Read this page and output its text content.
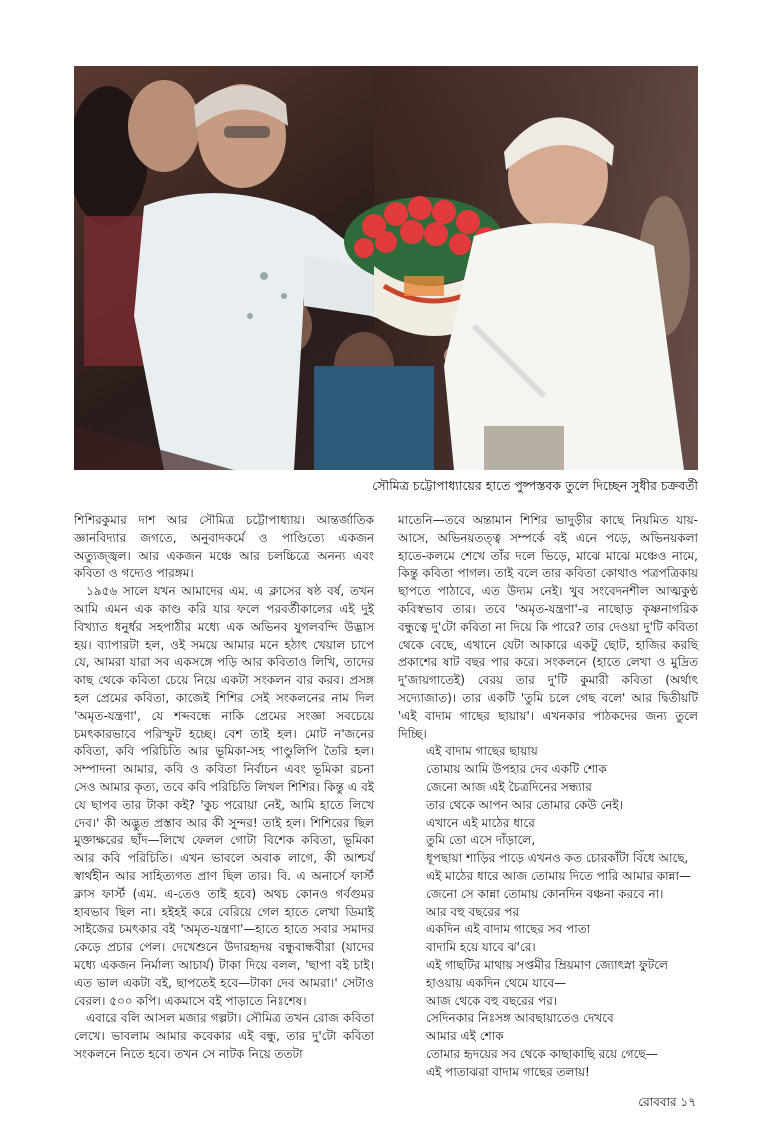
সৌমিত্র চট্টোপাধ্যায়ের হাতে পুষ্পস্তবক তুলে দিচ্ছেন সুধীর চক্রবর্তী

শিশিরকুমার দাশ আর সৌমিত্র চট্টোপাধ্যায়। আন্তর্জাতিক জ্ঞানবিদ্যার জগতে, অনুবাদকর্মে ও পাণ্ডিত্যে একজন অত্যুজ্জ্বল। আর একজন মঞ্চে আর চলচ্চিত্রে অনন্য এবং কবিতা ও গদ্যেও পারঙ্গম।

১৯৫৬ সালে যখন আমাদের এম. এ ক্লাসের ষষ্ঠ বর্ষ, তখন আমি এমন এক কাণ্ড করি যার ফলে পরবর্তীকালের এই দুই বিখ্যাত ধনুর্ধর সহপাঠীর মধ্যে এক অভিনব যুগলবন্দি উদ্ভাস হয়। ব্যাপারটা হল, ওই সময়ে আমার মনে হঠাৎ খেয়াল চাপে যে, আমরা যারা সব একসঙ্গে পড়ি আর কবিতাও লিখি, তাদের কাছ থেকে কবিতা চেয়ে নিয়ে একটা সংকলন বার করব। প্রসঙ্গ হল প্রেমের কবিতা, কাজেই শিশির সেই সংকলনের নাম দিল 'অমৃত-যন্ত্রণা', যে শব্দবন্ধে নাকি প্রেমের সংজ্ঞা সবচেয়ে চমৎকারভাবে পরিস্ফুট হচ্ছে। বেশ তাই হল। মোট ন'জনের কবিতা, কবি পরিচিতি আর ভূমিকা-সহ পাণ্ডুলিপি তৈরি হল। সম্পাদনা আমার, কবি ও কবিতা নির্বাচন এবং ভূমিকা রচনা সেও আমার কৃত্য, তবে কবি পরিচিতি লিখল শিশির। কিন্তু এ বই যে ছাপব তার টাকা কই? 'কুচ পরোয়া নেই, আমি হাতে লিখে দেব।' কী অদ্ভুত প্রস্তাব আর কী সুন্দর! তাই হল। শিশিরের ছিল মুক্তাক্ষরের ছাঁদ—লিখে ফেলল গোটা বিশেক কবিতা, ভূমিকা আর কবি পরিচিতি। এখন ভাবলে অবাক লাগে, কী আশ্চর্য স্বার্থহীন আর সাহিত্যগত প্রাণ ছিল তার। বি. এ অনার্সে ফার্স্ট ক্লাস ফার্স্ট (এম. এ-তেও তাই হবে) অথচ কোনও গর্বগুমর হাবভাব ছিল না। হইহই করে বেরিয়ে গেল হাতে লেখা ডিমাই সাইজের চমৎকার বই 'অমৃত-যন্ত্রণা'—হাতে হাতে সবার সমাদর কেড়ে প্রচার পেল। দেখেশুনে উদারহৃদয় বন্ধুবান্ধবীরা (যাদের মধ্যে একজন নির্মাল্য আচার্য) টাকা দিয়ে বলল, 'ছাপা বই চাই। এত ভাল একটা বই, ছাপতেই হবে—টাকা দেব আমরা।' সেটাও বেরল। ৫০০ কপি। একমাসে বই পাড়াতে নিঃশেষ।

এবারে বলি আসল মজার গল্পটা। সৌমিত্র তখন রোজ কবিতা লেখে। ভাবলাম আমার কবেকার এই বন্ধু, তার দু'টো কবিতা সংকলনে নিতে হবে। তখন সে নাটক নিয়ে ততটা

মাতেনি—তবে অন্তামান শিশির ভাদুড়ীর কাছে নিয়মিত যায়-আসে, অভিনয়তত্ত্ব সম্পর্কে বই এনে পড়ে, অভিনয়কলা হাতে-কলমে শেখে তাঁর দলে ভিড়ে, মাঝে মাঝে মঞ্চেও নামে, কিন্তু কবিতা পাগল। তাই বলে তার কবিতা কোথাও পত্রপত্রিকায় ছাপতে পাঠাবে, এত উদ্যম নেই। খুব সংবেদনশীল আত্মকুণ্ঠ কবিস্বভাব তার। তবে 'অমৃত-যন্ত্রণা'-র নাছোড় কৃষ্ণনাগরিক বন্ধুত্বে দু'টো কবিতা না দিয়ে কি পারে? তার দেওয়া দু'টি কবিতা থেকে বেছে, এখানে যেটা আকারে একটু ছোট, হাজির করছি প্রকাশের ষাট বছর পার করে। সংকলনে (হাতে লেখা ও মুদ্রিত দু'জায়গাতেই) বেরয় তার দু'টি কুমারী কবিতা (অর্থাৎ সদ্যোজাত)। তার একটি 'তুমি চলে গেছ বলে' আর দ্বিতীয়টি 'এই বাদাম গাছের ছায়ায়'। এখনকার পাঠকদের জন্য তুলে দিচ্ছি।

এই বাদাম গাছের ছায়ায়
তোমায় আমি উপহার দেব একটি শোক
জেনো আজ এই চৈত্রদিনের সন্ধ্যার
তার থেকে আপন আর তোমার কেউ নেই।
এখানে এই মাঠের ধারে
তুমি তো এসে দাঁড়ালে,
ধূপছায়া শাড়ির পাড়ে এখনও কত চোরকাঁটা বিঁধে আছে,
এই মাঠের ধারে আজ তোমায় দিতে পারি আমার কান্না—
জেনো সে কান্না তোমায় কোনদিন বঞ্চনা করবে না।
আর বহু বছরের পর
একদিন এই বাদাম গাছের সব পাতা
বাদামি হয়ে যাবে ঝ'রে।
এই গাছটির মাথায় সপ্তমীর ম্রিয়মাণ জ্যোৎস্না ফুটলে
হাওয়ায় একদিন থেমে যাবে—
আজ থেকে বহু বছরের পর।
সেদিনকার নিঃসঙ্গ আবছায়াতেও দেখবে
আমার এই শোক
তোমার হৃদয়ের সব থেকে কাছাকাছি রয়ে গেছে—
এই পাতাঝরা বাদাম গাছের তলায়!
রোববার ১৭
